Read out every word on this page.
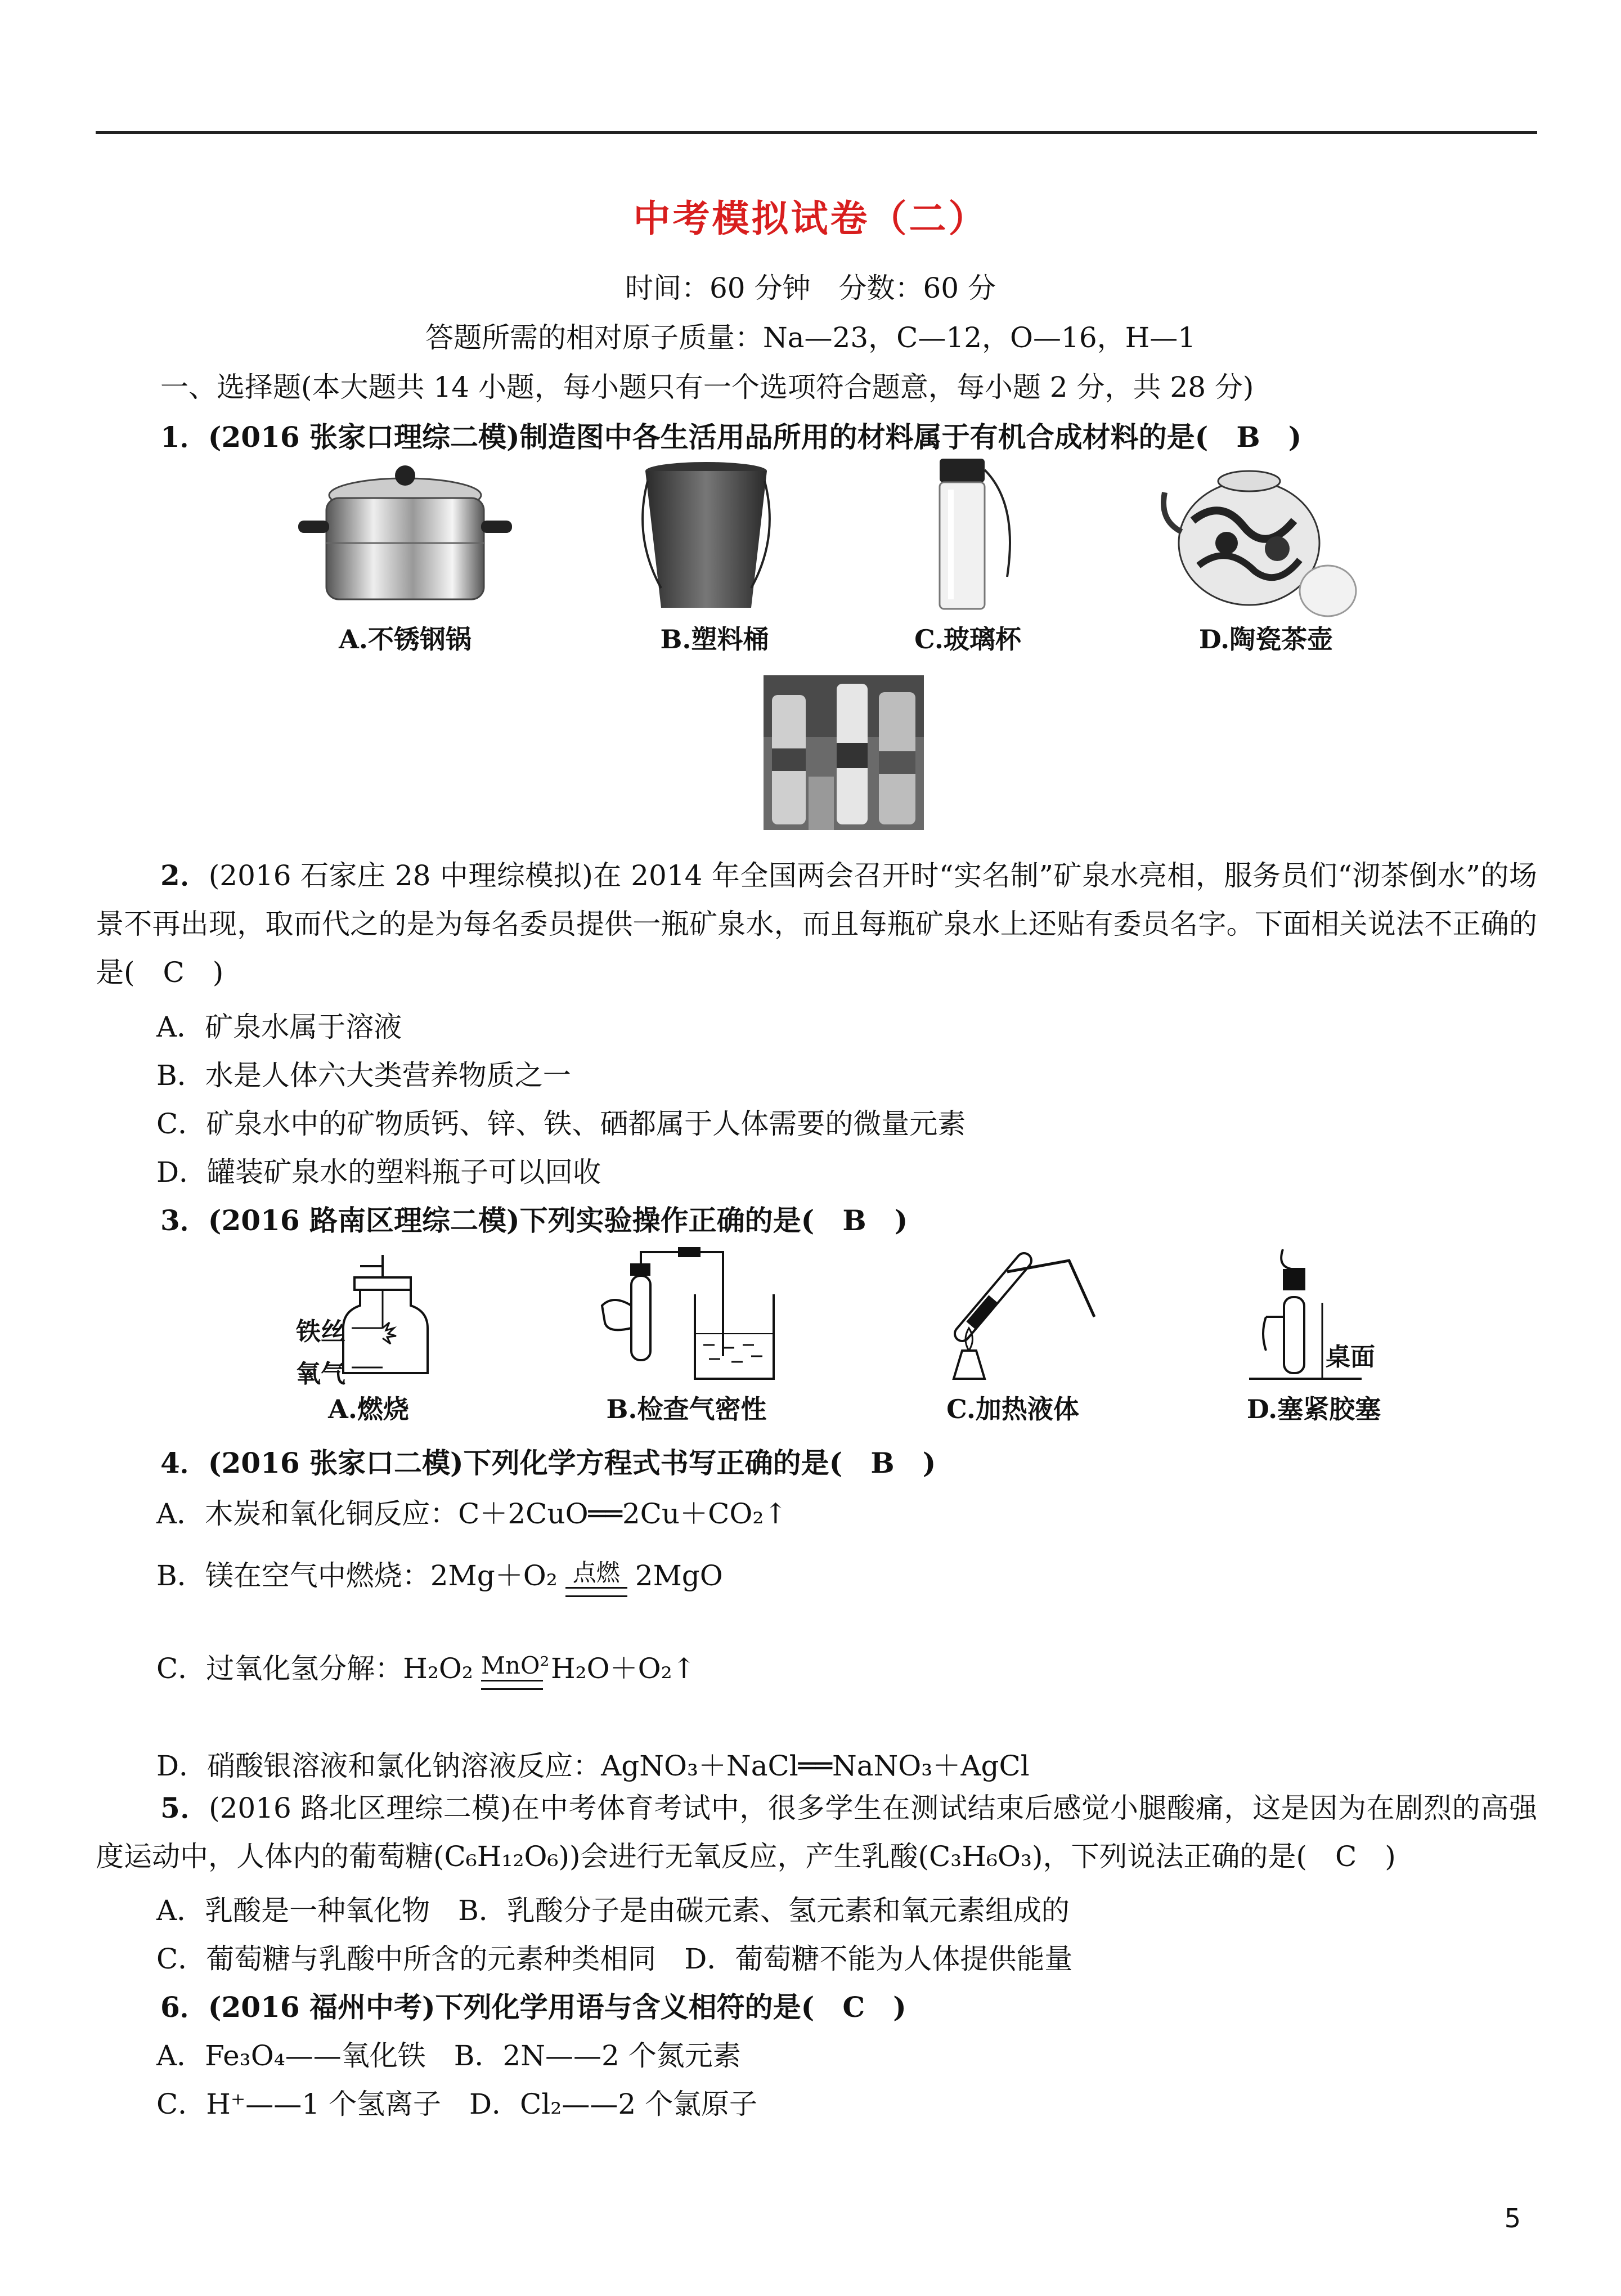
中考模拟试卷（二）
时间：60 分钟　分数：60 分
答题所需的相对原子质量：Na—23，C—12，O—16，H—1
一、选择题(本大题共 14 小题，每小题只有一个选项符合题意，每小题 2 分，共 28 分)
1．(2016 张家口理综二模)制造图中各生活用品所用的材料属于有机合成材料的是(　B　)
A.不锈钢锅	B.塑料桶	C.玻璃杯	D.陶瓷茶壶
2．(2016 石家庄 28 中理综模拟)在 2014 年全国两会召开时“实名制”矿泉水亮相，服务员们“沏茶倒水”的场景不再出现，取而代之的是为每名委员提供一瓶矿泉水，而且每瓶矿泉水上还贴有委员名字。下面相关说法不正确的是(　C　)
A．矿泉水属于溶液
B．水是人体六大类营养物质之一
C．矿泉水中的矿物质钙、锌、铁、硒都属于人体需要的微量元素
D．罐装矿泉水的塑料瓶子可以回收
3．(2016 路南区理综二模)下列实验操作正确的是(　B　)
铁丝
氧气
桌面
A.燃烧	B.检查气密性	C.加热液体	D.塞紧胶塞
4．(2016 张家口二模)下列化学方程式书写正确的是(　B　)
A．木炭和氧化铜反应：C＋2CuO══2Cu＋CO₂↑
B．镁在空气中燃烧：2Mg＋O₂ 点燃 2MgO
C．过氧化氢分解：H₂O₂ MnO² H₂O＋O₂↑
D．硝酸银溶液和氯化钠溶液反应：AgNO₃＋NaCl══NaNO₃＋AgCl
5．(2016 路北区理综二模)在中考体育考试中，很多学生在测试结束后感觉小腿酸痛，这是因为在剧烈的高强度运动中，人体内的葡萄糖(C₆H₁₂O₆))会进行无氧反应，产生乳酸(C₃H₆O₃)，下列说法正确的是(　C　)
A．乳酸是一种氧化物　B．乳酸分子是由碳元素、氢元素和氧元素组成的
C．葡萄糖与乳酸中所含的元素种类相同　D．葡萄糖不能为人体提供能量
6．(2016 福州中考)下列化学用语与含义相符的是(　C　)
A．Fe₃O₄——氧化铁　B．2N——2 个氮元素
C．H⁺——1 个氢离子　D．Cl₂——2 个氯原子
5
